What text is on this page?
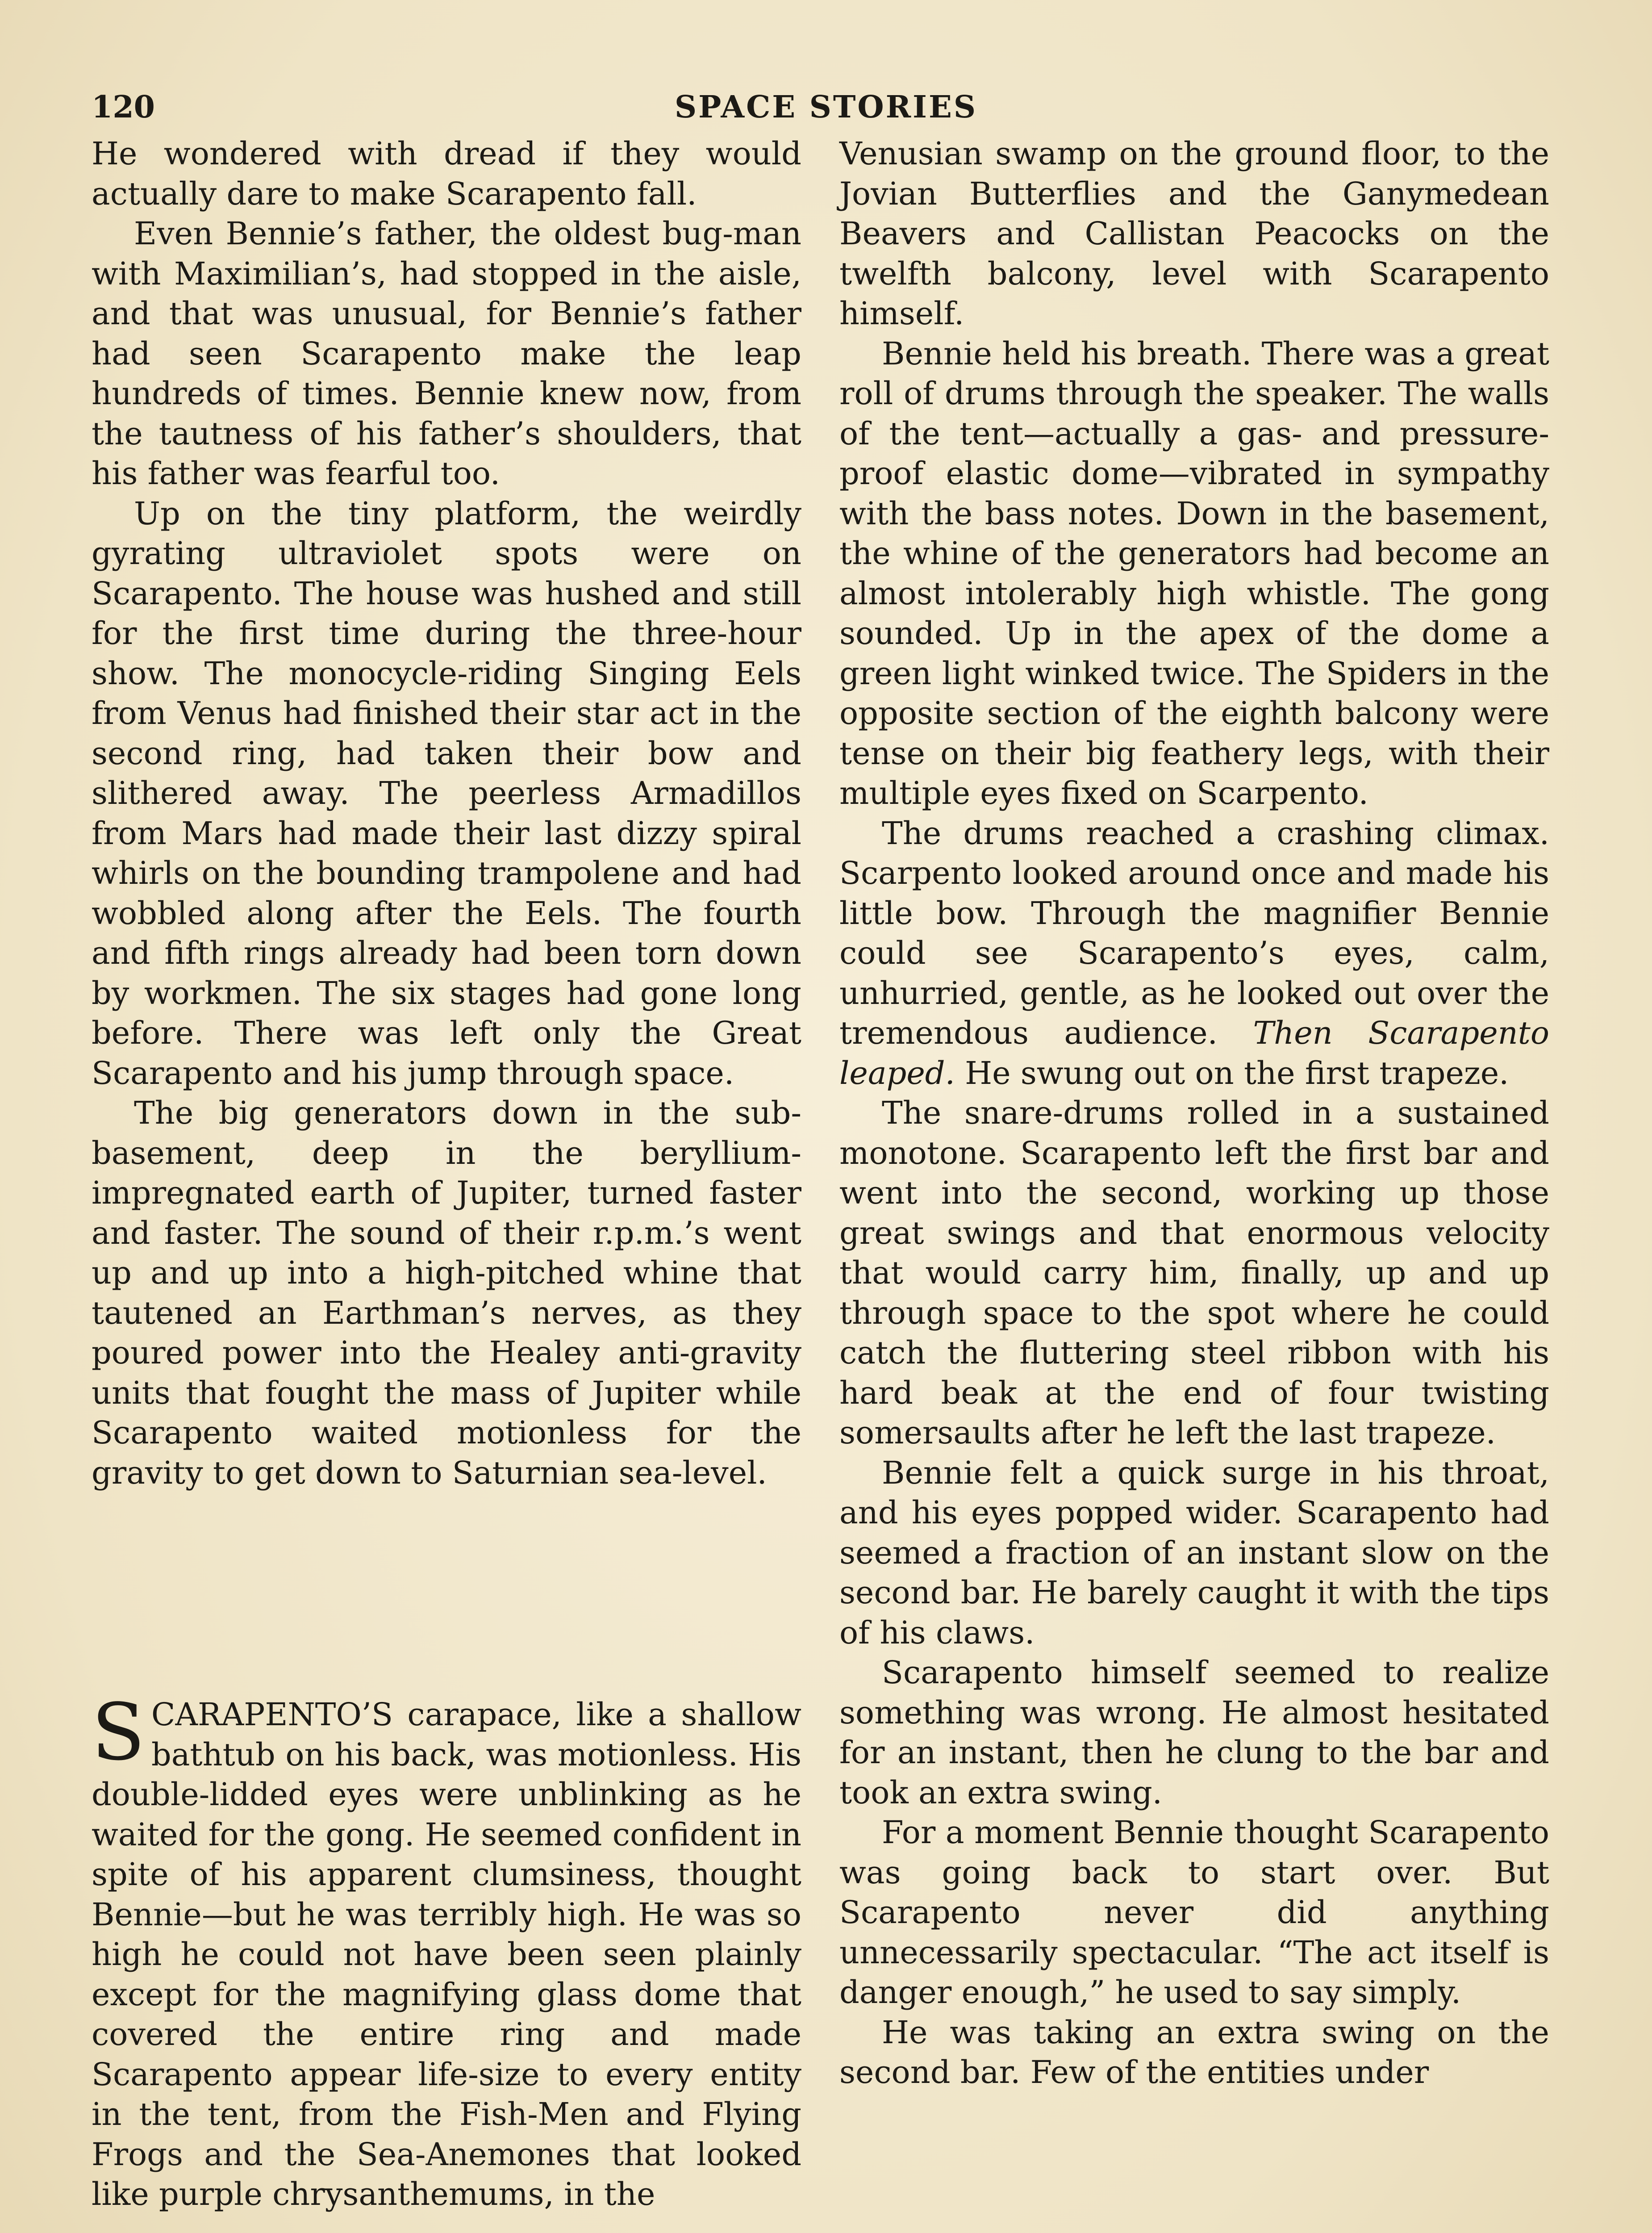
120	SPACE STORIES

He wondered with dread if they would actually dare to make Scarapento fall.

Even Bennie’s father, the oldest bug-man with Maximilian’s, had stopped in the aisle, and that was unusual, for Bennie’s father had seen Scarapento make the leap hundreds of times. Bennie knew now, from the tautness of his father’s shoulders, that his father was fearful too.

Up on the tiny platform, the weirdly gyrating ultraviolet spots were on Scarapento. The house was hushed and still for the first time during the three-hour show. The monocycle-riding Singing Eels from Venus had finished their star act in the second ring, had taken their bow and slithered away. The peerless Armadillos from Mars had made their last dizzy spiral whirls on the bounding trampolene and had wobbled along after the Eels. The fourth and fifth rings already had been torn down by workmen. The six stages had gone long before. There was left only the Great Scarapento and his jump through space.

The big generators down in the sub-basement, deep in the beryllium-impregnated earth of Jupiter, turned faster and faster. The sound of their r.p.m.’s went up and up into a high-pitched whine that tautened an Earthman’s nerves, as they poured power into the Healey anti-gravity units that fought the mass of Jupiter while Scarapento waited motionless for the gravity to get down to Saturnian sea-level.

SCARAPENTO’S carapace, like a shallow bathtub on his back, was motionless. His double-lidded eyes were unblinking as he waited for the gong. He seemed confident in spite of his apparent clumsiness, thought Bennie—but he was terribly high. He was so high he could not have been seen plainly except for the magnifying glass dome that covered the entire ring and made Scarapento appear life-size to every entity in the tent, from the Fish-Men and Flying Frogs and the Sea-Anemones that looked like purple chrysanthemums, in the

Venusian swamp on the ground floor, to the Jovian Butterflies and the Ganymedean Beavers and Callistan Peacocks on the twelfth balcony, level with Scarapento himself.

Bennie held his breath. There was a great roll of drums through the speaker. The walls of the tent—actually a gas- and pressure-proof elastic dome—vibrated in sympathy with the bass notes. Down in the basement, the whine of the generators had become an almost intolerably high whistle. The gong sounded. Up in the apex of the dome a green light winked twice. The Spiders in the opposite section of the eighth balcony were tense on their big feathery legs, with their multiple eyes fixed on Scarpento.

The drums reached a crashing climax. Scarpento looked around once and made his little bow. Through the magnifier Bennie could see Scarapento’s eyes, calm, unhurried, gentle, as he looked out over the tremendous audience. Then Scarapento leaped. He swung out on the first trapeze.

The snare-drums rolled in a sustained monotone. Scarapento left the first bar and went into the second, working up those great swings and that enormous velocity that would carry him, finally, up and up through space to the spot where he could catch the fluttering steel ribbon with his hard beak at the end of four twisting somersaults after he left the last trapeze.

Bennie felt a quick surge in his throat, and his eyes popped wider. Scarapento had seemed a fraction of an instant slow on the second bar. He barely caught it with the tips of his claws.

Scarapento himself seemed to realize something was wrong. He almost hesitated for an instant, then he clung to the bar and took an extra swing.

For a moment Bennie thought Scarapento was going back to start over. But Scarapento never did anything unnecessarily spectacular. “The act itself is danger enough,” he used to say simply.

He was taking an extra swing on the second bar. Few of the entities under
